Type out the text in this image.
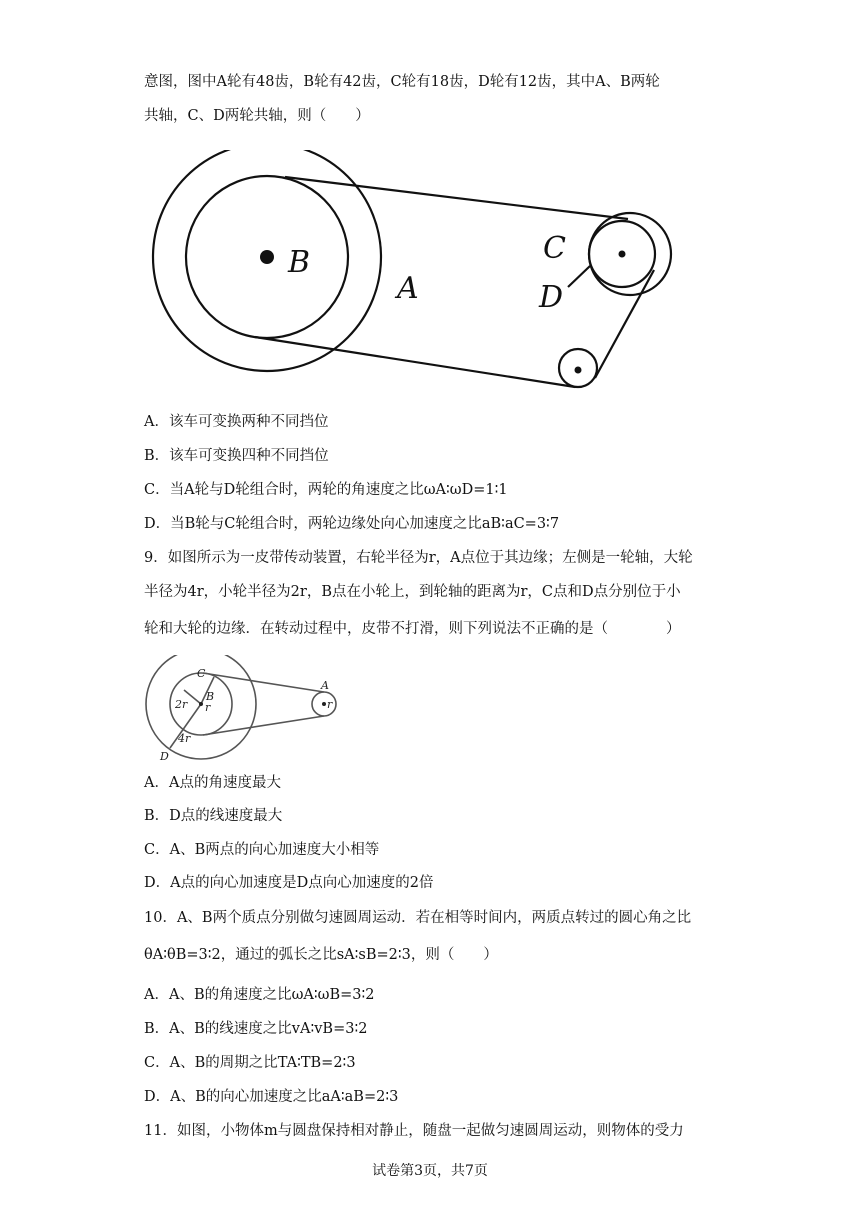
意图，图中A轮有48齿，B轮有42齿，C轮有18齿，D轮有12齿，其中A、B两轮
共轴，C、D两轮共轴，则（　　）
B
A
C
D
A．该车可变换两种不同挡位
B．该车可变换四种不同挡位
C．当A轮与D轮组合时，两轮的角速度之比ωA∶ωD=1∶1
D．当B轮与C轮组合时，两轮边缘处向心加速度之比aB∶aC=3∶7
9．如图所示为一皮带传动装置，右轮半径为r，A点位于其边缘；左侧是一轮轴，大轮
半径为4r，小轮半径为2r，B点在小轮上，到轮轴的距离为r，C点和D点分别位于小
轮和大轮的边缘．在转动过程中，皮带不打滑，则下列说法不正确的是（　　　　）
C
B
A
D
2r r
4r
r
A．A点的角速度最大
B．D点的线速度最大
C．A、B两点的向心加速度大小相等
D．A点的向心加速度是D点向心加速度的2倍
10．A、B两个质点分别做匀速圆周运动．若在相等时间内，两质点转过的圆心角之比
θA∶θB=3∶2，通过的弧长之比sA∶sB=2∶3，则（　　）
A．A、B的角速度之比ωA∶ωB=3∶2
B．A、B的线速度之比vA∶vB=3∶2
C．A、B的周期之比TA∶TB=2∶3
D．A、B的向心加速度之比aA∶aB=2∶3
11．如图，小物体m与圆盘保持相对静止，随盘一起做匀速圆周运动，则物体的受力
试卷第3页，共7页
